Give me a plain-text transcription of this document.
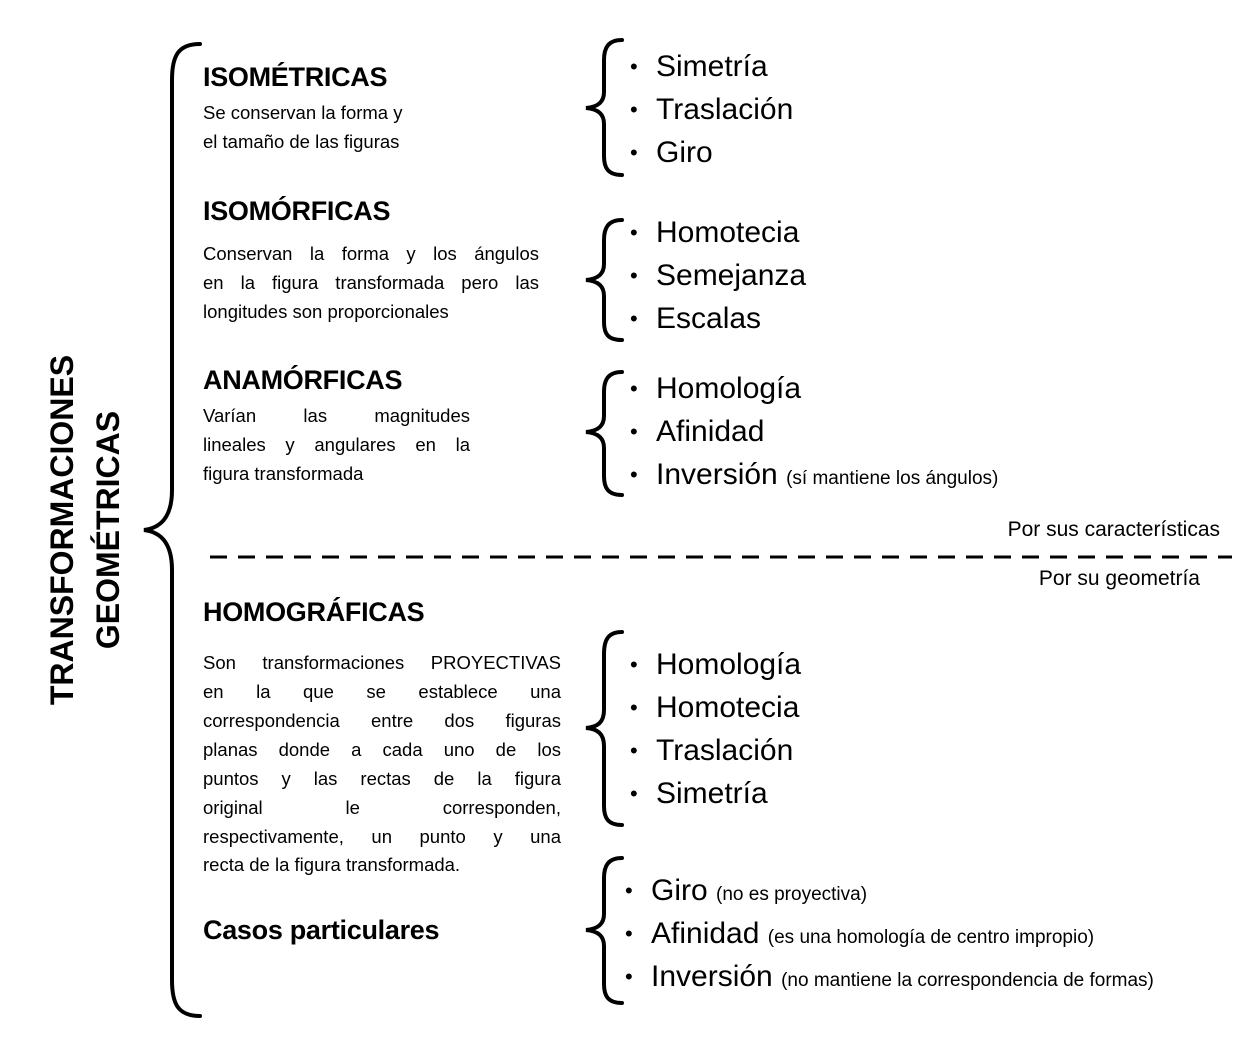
TRANSFORMACIONES GEOMÉTRICAS
ISOMÉTRICAS
Se conservan la forma y
el tamaño de las figuras
ISOMÓRFICAS
Conservan la forma y los ángulos
en la figura transformada pero las
longitudes son proporcionales
ANAMÓRFICAS
Varían las magnitudes
lineales y angulares en la
figura transformada
HOMOGRÁFICAS
Son transformaciones PROYECTIVAS
en la que se establece una
correspondencia entre dos figuras
planas donde a cada uno de los
puntos y las rectas de la figura
original le corresponden,
respectivamente, un punto y una
recta de la figura transformada.
Casos particulares
• Simetría
• Traslación
• Giro
• Homotecia
• Semejanza
• Escalas
• Homología
• Afinidad
• Inversión (sí mantiene los ángulos)
• Homología
• Homotecia
• Traslación
• Simetría
• Giro (no es proyectiva)
• Afinidad (es una homología de centro impropio)
• Inversión (no mantiene la correspondencia de formas)
Por sus características
Por su geometría
